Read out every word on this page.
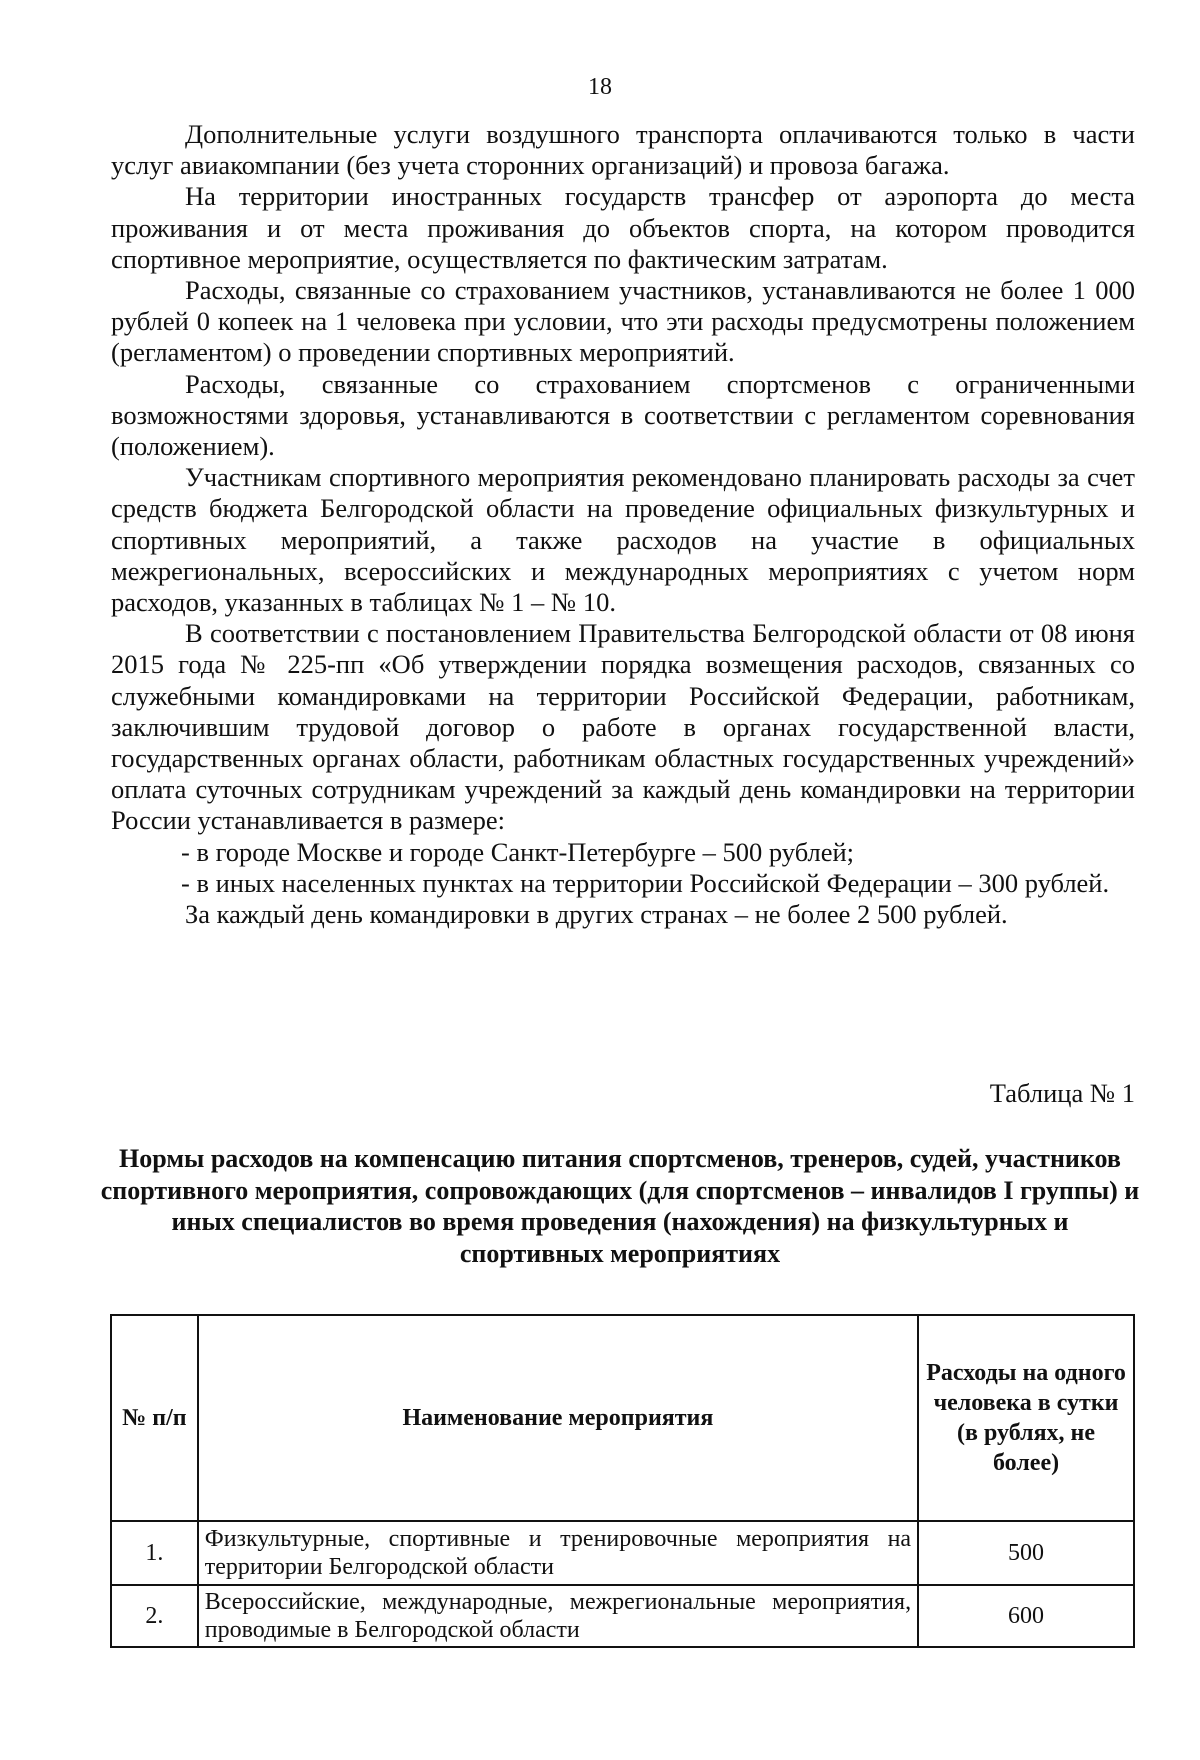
18

Дополнительные услуги воздушного транспорта оплачиваются только в части услуг авиакомпании (без учета сторонних организаций) и провоза багажа.

На территории иностранных государств трансфер от аэропорта до места проживания и от места проживания до объектов спорта, на котором проводится спортивное мероприятие, осуществляется по фактическим затратам.

Расходы, связанные со страхованием участников, устанавливаются не более 1 000 рублей 0 копеек на 1 человека при условии, что эти расходы предусмотрены положением (регламентом) о проведении спортивных мероприятий.

Расходы, связанные со страхованием спортсменов с ограниченными возможностями здоровья, устанавливаются в соответствии с регламентом соревнования (положением).

Участникам спортивного мероприятия рекомендовано планировать расходы за счет средств бюджета Белгородской области на проведение официальных физкультурных и спортивных мероприятий, а также расходов на участие в официальных межрегиональных, всероссийских и международных мероприятиях с учетом норм расходов, указанных в таблицах № 1 – № 10.

В соответствии с постановлением Правительства Белгородской области от 08 июня 2015 года № 225-пп «Об утверждении порядка возмещения расходов, связанных со служебными командировками на территории Российской Федерации, работникам, заключившим трудовой договор о работе в органах государственной власти, государственных органах области, работникам областных государственных учреждений» оплата суточных сотрудникам учреждений за каждый день командировки на территории России устанавливается в размере:

- в городе Москве и городе Санкт-Петербурге – 500 рублей;

- в иных населенных пунктах на территории Российской Федерации – 300 рублей.

За каждый день командировки в других странах – не более 2 500 рублей.

Таблица № 1
Нормы расходов на компенсацию питания спортсменов, тренеров, судей, участников спортивного мероприятия, сопровождающих (для спортсменов – инвалидов I группы) и иных специалистов во время проведения (нахождения) на физкультурных и спортивных мероприятиях
№ п/п	Наименование мероприятия	Расходы на одного человека в сутки (в рублях, не более)
1.	Физкультурные, спортивные и тренировочные мероприятия на территории Белгородской области	500
2.	Всероссийские, международные, межрегиональные мероприятия, проводимые в Белгородской области	600
